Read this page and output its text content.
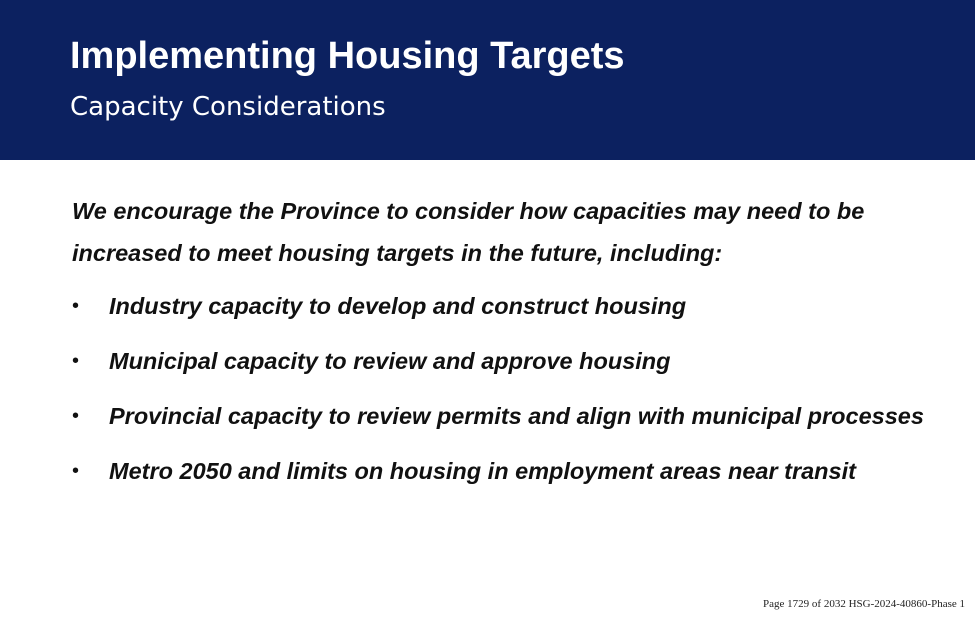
Implementing Housing Targets
Capacity Considerations

We encourage the Province to consider how capacities may need to be increased to meet housing targets in the future, including:

• Industry capacity to develop and construct housing
• Municipal capacity to review and approve housing
• Provincial capacity to review permits and align with municipal processes
• Metro 2050 and limits on housing in employment areas near transit

Page 1729 of 2032 HSG-2024-40860-Phase 1
